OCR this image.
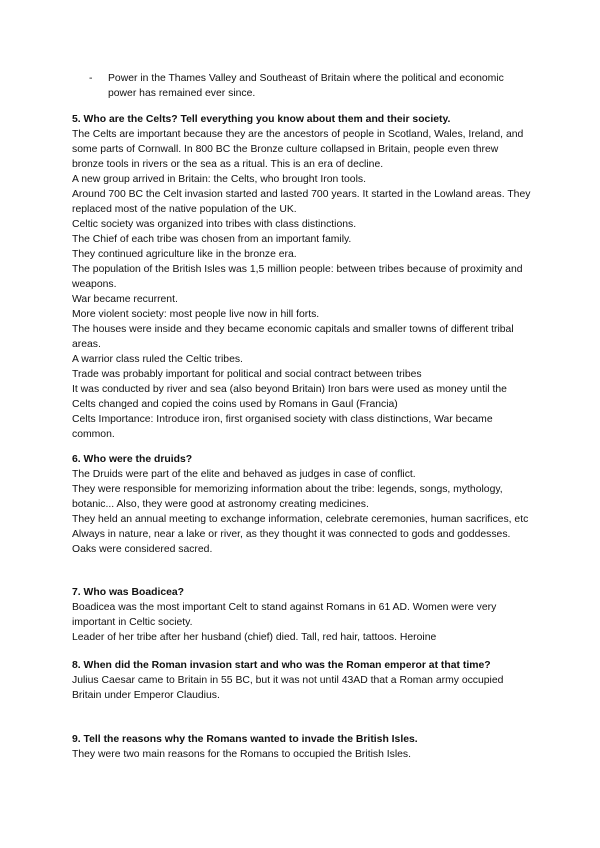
- Power in the Thames Valley and Southeast of Britain where the political and economic power has remained ever since.

5. Who are the Celts? Tell everything you know about them and their society.

The Celts are important because they are the ancestors of people in Scotland, Wales, Ireland, and some parts of Cornwall. In 800 BC the Bronze culture collapsed in Britain, people even threw bronze tools in rivers or the sea as a ritual. This is an era of decline.

A new group arrived in Britain: the Celts, who brought Iron tools.

Around 700 BC the Celt invasion started and lasted 700 years. It started in the Lowland areas. They replaced most of the native population of the UK.

Celtic society was organized into tribes with class distinctions.

The Chief of each tribe was chosen from an important family.

They continued agriculture like in the bronze era.

The population of the British Isles was 1,5 million people: between tribes because of proximity and weapons.

War became recurrent.

More violent society: most people live now in hill forts.

The houses were inside and they became economic capitals and smaller towns of different tribal areas.

A warrior class ruled the Celtic tribes.

Trade was probably important for political and social contract between tribes

It was conducted by river and sea (also beyond Britain) Iron bars were used as money until the Celts changed and copied the coins used by Romans in Gaul (Francia)

Celts Importance: Introduce iron, first organised society with class distinctions, War became common.

6. Who were the druids?

The Druids were part of the elite and behaved as judges in case of conflict.

They were responsible for memorizing information about the tribe: legends, songs, mythology, botanic... Also, they were good at astronomy creating medicines.

They held an annual meeting to exchange information, celebrate ceremonies, human sacrifices, etc

Always in nature, near a lake or river, as they thought it was connected to gods and goddesses. Oaks were considered sacred.

7. Who was Boadicea?

Boadicea was the most important Celt to stand against Romans in 61 AD. Women were very important in Celtic society.

Leader of her tribe after her husband (chief) died. Tall, red hair, tattoos. Heroine

8. When did the Roman invasion start and who was the Roman emperor at that time?

Julius Caesar came to Britain in 55 BC, but it was not until 43AD that a Roman army occupied Britain under Emperor Claudius.

9. Tell the reasons why the Romans wanted to invade the British Isles.

They were two main reasons for the Romans to occupied the British Isles.
